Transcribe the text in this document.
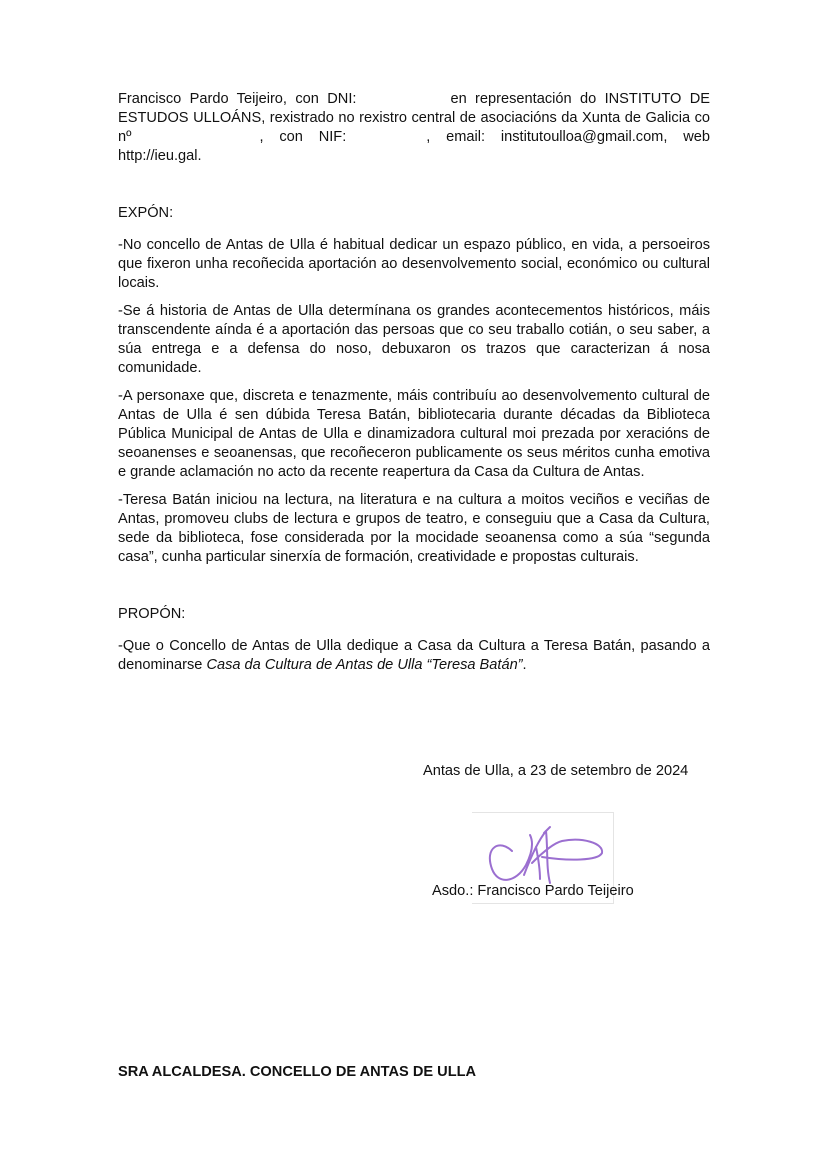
Francisco Pardo Teijeiro, con DNI:	en representación do INSTITUTO DE ESTUDOS ULLOÁNS, rexistrado no rexistro central de asociacións da Xunta de Galicia co nº	, con NIF:	, email: institutoulloa@gmail.com, web http://ieu.gal.

EXPÓN:

-No concello de Antas de Ulla é habitual dedicar un espazo público, en vida, a persoeiros que fixeron unha recoñecida aportación ao desenvolvemento social, económico ou cultural locais.

-Se á historia de Antas de Ulla determínana os grandes acontecementos históricos, máis transcendente aínda é a aportación das persoas que co seu traballo cotián, o seu saber, a súa entrega e a defensa do noso, debuxaron os trazos que caracterizan á nosa comunidade.

-A personaxe que, discreta e tenazmente, máis contribuíu ao desenvolvemento cultural de Antas de Ulla é sen dúbida Teresa Batán, bibliotecaria durante décadas da Biblioteca Pública Municipal de Antas de Ulla e dinamizadora cultural moi prezada por xeracións de seoanenses e seoanensas, que recoñeceron publicamente os seus méritos cunha emotiva e grande aclamación no acto da recente reapertura da Casa da Cultura de Antas.

-Teresa Batán iniciou na lectura, na literatura e na cultura a moitos veciños e veciñas de Antas, promoveu clubs de lectura e grupos de teatro, e conseguiu que a Casa da Cultura, sede da biblioteca, fose considerada por la mocidade seoanensa como a súa “segunda casa”, cunha particular sinerxía de formación, creatividade e propostas culturais.

PROPÓN:

-Que o Concello de Antas de Ulla dedique a Casa da Cultura a Teresa Batán, pasando a denominarse Casa da Cultura de Antas de Ulla “Teresa Batán”.

Antas de Ulla, a 23 de setembro de 2024
Asdo.: Francisco Pardo Teijeiro
SRA ALCALDESA. CONCELLO DE ANTAS DE ULLA
